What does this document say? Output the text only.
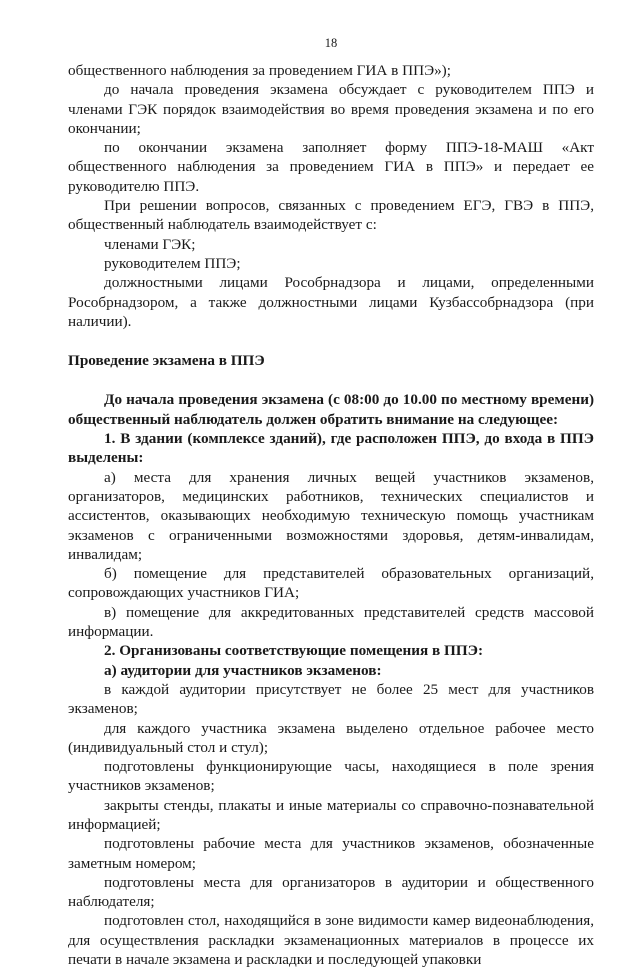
18

общественного наблюдения за проведением ГИА в ППЭ»);

до начала проведения экзамена обсуждает с руководителем ППЭ и членами ГЭК порядок взаимодействия во время проведения экзамена и по его окончании;

по окончании экзамена заполняет форму ППЭ-18-МАШ «Акт общественного наблюдения за проведением ГИА в ППЭ» и передает ее руководителю ППЭ.

При решении вопросов, связанных с проведением ЕГЭ, ГВЭ в ППЭ, общественный наблюдатель взаимодействует с:

членами ГЭК;

руководителем ППЭ;

должностными лицами Рособрнадзора и лицами, определенными Рособрнадзором, а также должностными лицами Кузбассобрнадзора (при наличии).

Проведение экзамена в ППЭ

До начала проведения экзамена (с 08:00 до 10.00 по местному времени) общественный наблюдатель должен обратить внимание на следующее:

1. В здании (комплексе зданий), где расположен ППЭ, до входа в ППЭ выделены:

а) места для хранения личных вещей участников экзаменов, организаторов, медицинских работников, технических специалистов и ассистентов, оказывающих необходимую техническую помощь участникам экзаменов с ограниченными возможностями здоровья, детям-инвалидам, инвалидам;

б) помещение для представителей образовательных организаций, сопровождающих участников ГИА;

в) помещение для аккредитованных представителей средств массовой информации.

2. Организованы соответствующие помещения в ППЭ:

а) аудитории для участников экзаменов:

в каждой аудитории присутствует не более 25 мест для участников экзаменов;

для каждого участника экзамена выделено отдельное рабочее место (индивидуальный стол и стул);

подготовлены функционирующие часы, находящиеся в поле зрения участников экзаменов;

закрыты стенды, плакаты и иные материалы со справочно-познавательной информацией;

подготовлены рабочие места для участников экзаменов, обозначенные заметным номером;

подготовлены места для организаторов в аудитории и общественного наблюдателя;

подготовлен стол, находящийся в зоне видимости камер видеонаблюдения, для осуществления раскладки экзаменационных материалов в процессе их печати в начале экзамена и раскладки и последующей упаковки
